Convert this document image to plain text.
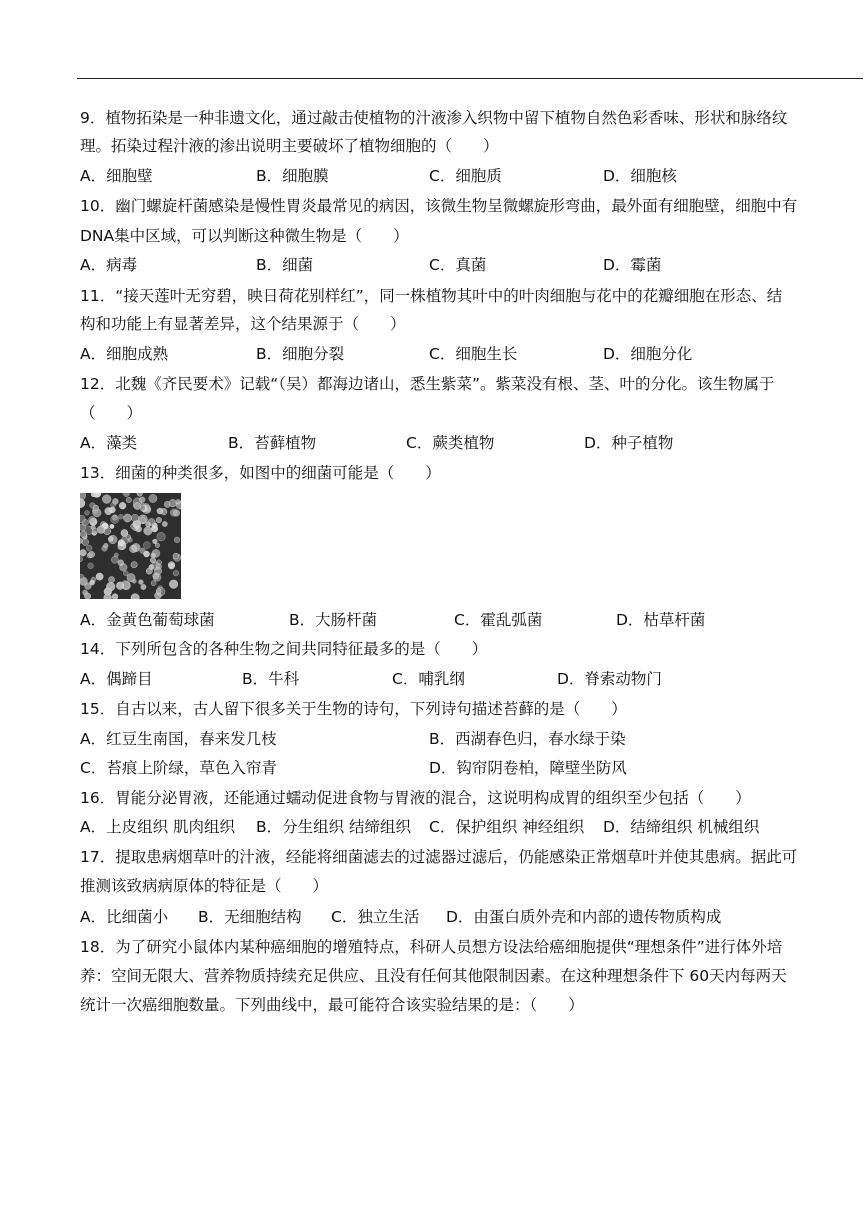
9．植物拓染是一种非遗文化，通过敲击使植物的汁液渗入织物中留下植物自然色彩香味、形状和脉络纹
理。拓染过程汁液的渗出说明主要破坏了植物细胞的（　　）
A．细胞壁	B．细胞膜	C．细胞质	D．细胞核
10．幽门螺旋杆菌感染是慢性胃炎最常见的病因，该微生物呈微螺旋形弯曲，最外面有细胞壁，细胞中有
DNA集中区域，可以判断这种微生物是（　　）
A．病毒	B．细菌	C．真菌	D．霉菌
11．“接天莲叶无穷碧，映日荷花别样红”，同一株植物其叶中的叶肉细胞与花中的花瓣细胞在形态、结
构和功能上有显著差异，这个结果源于（　　）
A．细胞成熟	B．细胞分裂	C．细胞生长	D．细胞分化
12．北魏《齐民要术》记载“（吴）都海边诸山，悉生紫菜”。紫菜没有根、茎、叶的分化。该生物属于
（　　）
A．藻类	B．苔藓植物	C．蕨类植物	D．种子植物
13．细菌的种类很多，如图中的细菌可能是（　　）
A．金黄色葡萄球菌	B．大肠杆菌	C．霍乱弧菌	D．枯草杆菌
14．下列所包含的各种生物之间共同特征最多的是（　　）
A．偶蹄目	B．牛科	C．哺乳纲	D．脊索动物门
15．自古以来，古人留下很多关于生物的诗句，下列诗句描述苔藓的是（　　）
A．红豆生南国，春来发几枝	B．西湖春色归，春水绿于染
C．苔痕上阶绿，草色入帘青	D．钩帘阴卷柏，障壁坐防风
16．胃能分泌胃液，还能通过蠕动促进食物与胃液的混合，这说明构成胃的组织至少包括（　　）
A．上皮组织 肌肉组织 B．分生组织 结缔组织 C．保护组织 神经组织 D．结缔组织 机械组织
17．提取患病烟草叶的汁液，经能将细菌滤去的过滤器过滤后，仍能感染正常烟草叶并使其患病。据此可
推测该致病病原体的特征是（　　）
A．比细菌小 B．无细胞结构 C．独立生活 D．由蛋白质外壳和内部的遗传物质构成
18．为了研究小鼠体内某种癌细胞的增殖特点，科研人员想方设法给癌细胞提供“理想条件”进行体外培
养：空间无限大、营养物质持续充足供应、且没有任何其他限制因素。在这种理想条件下 60天内每两天
统计一次癌细胞数量。下列曲线中，最可能符合该实验结果的是：（　　）
